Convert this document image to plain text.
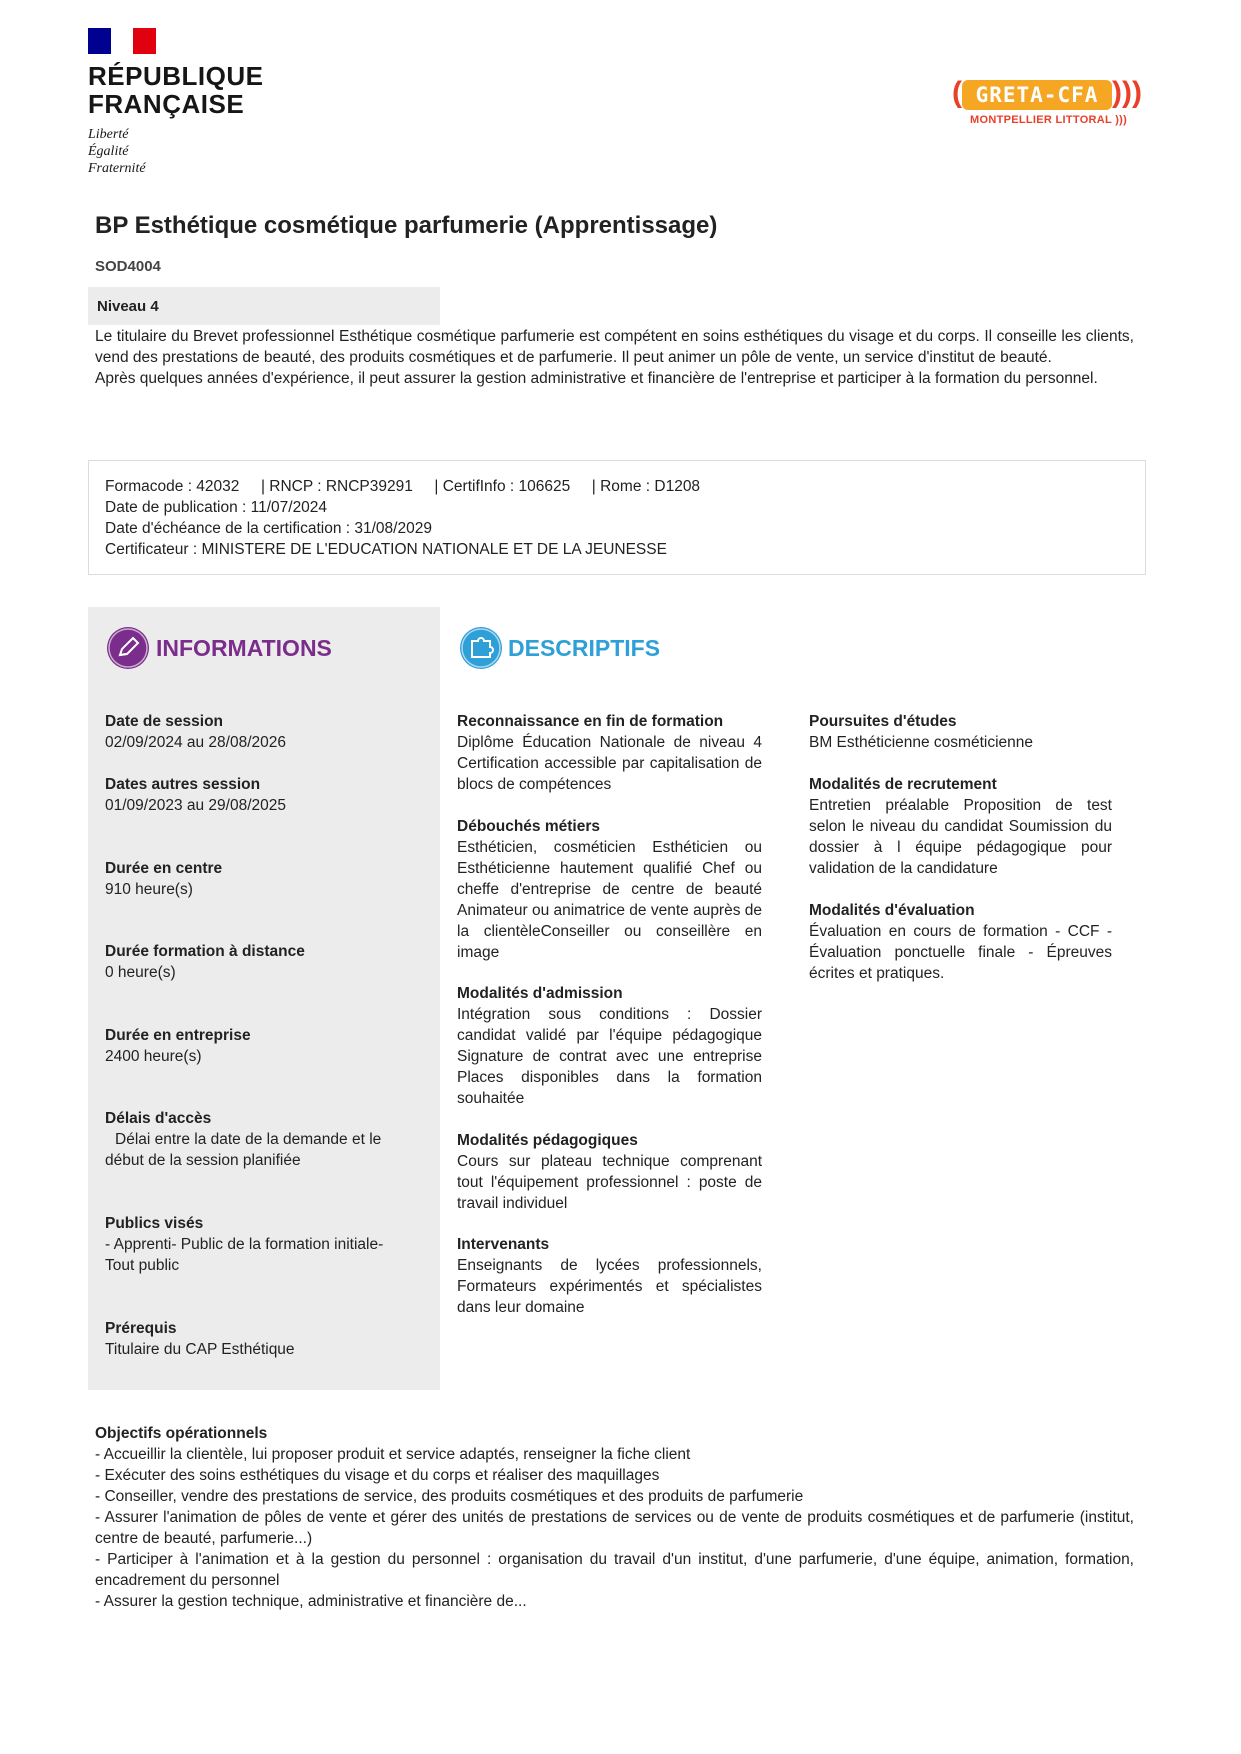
RÉPUBLIQUE
FRANÇAISE
Liberté
Égalité
Fraternité
( GRETA-CFA )))
MONTPELLIER LITTORAL )))
BP Esthétique cosmétique parfumerie (Apprentissage)
SOD4004
Niveau 4

Le titulaire du Brevet professionnel Esthétique cosmétique parfumerie est compétent en soins esthétiques du visage et du corps. Il conseille les clients, vend des prestations de beauté, des produits cosmétiques et de parfumerie. Il peut animer un pôle de vente, un service d'institut de beauté.

Après quelques années d'expérience, il peut assurer la gestion administrative et financière de l'entreprise et participer à la formation du personnel.

Formacode : 42032     | RNCP : RNCP39291     | CertifInfo : 106625     | Rome : D1208
Date de publication : 11/07/2024
Date d'échéance de la certification : 31/08/2029
Certificateur : MINISTERE DE L'EDUCATION NATIONALE ET DE LA JEUNESSE
INFORMATIONS	DESCRIPTIFS
Date de session
02/09/2024 au 28/08/2026
Dates autres session
01/09/2023 au 29/08/2025
Durée en centre
910 heure(s)
Durée formation à distance
0 heure(s)
Durée en entreprise
2400 heure(s)
Délais d'accès
Délai entre la date de la demande et le début de la session planifiée
Publics visés
- Apprenti- Public de la formation initiale- Tout public
Prérequis
Titulaire du CAP Esthétique
Reconnaissance en fin de formation
Diplôme Éducation Nationale de niveau 4 Certification accessible par capitalisation de blocs de compétences
Débouchés métiers
Esthéticien, cosméticien Esthéticien ou Esthéticienne hautement qualifié Chef ou cheffe d'entreprise de centre de beauté Animateur ou animatrice de vente auprès de la clientèleConseiller ou conseillère en image
Modalités d'admission
Intégration sous conditions : Dossier candidat validé par l'équipe pédagogique Signature de contrat avec une entreprise Places disponibles dans la formation souhaitée
Modalités pédagogiques
Cours sur plateau technique comprenant tout l'équipement professionnel : poste de travail individuel
Intervenants
Enseignants de lycées professionnels, Formateurs expérimentés et spécialistes dans leur domaine
Poursuites d'études
BM Esthéticienne cosméticienne
Modalités de recrutement
Entretien préalable Proposition de test selon le niveau du candidat Soumission du dossier à l équipe pédagogique pour validation de la candidature
Modalités d'évaluation
Évaluation en cours de formation - CCF - Évaluation ponctuelle finale - Épreuves écrites et pratiques.
Objectifs opérationnels
- Accueillir la clientèle, lui proposer produit et service adaptés, renseigner la fiche client
- Exécuter des soins esthétiques du visage et du corps et réaliser des maquillages
- Conseiller, vendre des prestations de service, des produits cosmétiques et des produits de parfumerie
- Assurer l'animation de pôles de vente et gérer des unités de prestations de services ou de vente de produits cosmétiques et de parfumerie (institut, centre de beauté, parfumerie...)
- Participer à l'animation et à la gestion du personnel : organisation du travail d'un institut, d'une parfumerie, d'une équipe, animation, formation, encadrement du personnel
- Assurer la gestion technique, administrative et financière de...
